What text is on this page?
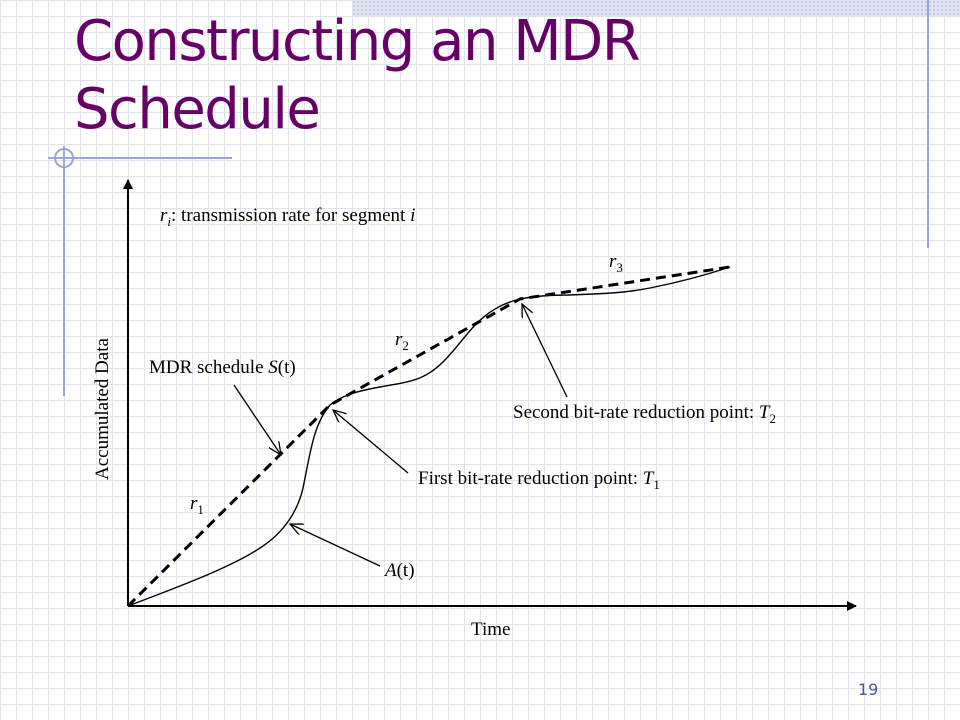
Constructing an MDR
Schedule
$r_i$: transmission rate for segment i
Accumulated Data
Time
$r_1$
$r_2$
$r_3$
MDR schedule S(t)
A(t)
First bit-rate reduction point: $T_1$
Second bit-rate reduction point: $T_2$
19
